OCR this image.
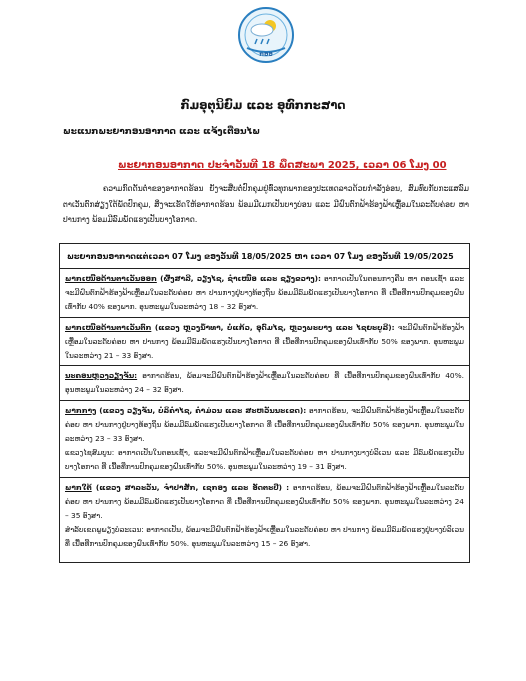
ກອອ
ກົມອຸຕຸນິຍົມ ແລະ ອຸທົກກະສາດ
ພະແນກພະຍາກອນອາກາດ ແລະ ແຈ້ງເຕືອນໄພ
ພະຍາກອນອາກາດ ປະຈໍາວັນທີ 18 ພຶດສະພາ 2025, ເວລາ 06 ໂມງ 00
ຄວາມກົດດັນຕໍ່າຂອງອາກາດຮ້ອນ ຍັງຈະສືບຕໍ່ປົກຄຸມຢູ່ທົ່ວທຸກພາກຂອງປະເທດລາວດ້ວຍກໍາລັງອ່ອນ, ສົມທົບກັບກະແສລົມຕາເວັນຕົກສ່ຽງໃຕ້ພັດປົກຄຸມ, ສິ່ງຈະເຮັດໃຫ້ອາກາດຮ້ອນ ພ້ອມມີເມກເປັນບາງບ່ອນ ແລະ ມີຝົນຕົກຟ້າຮ້ອງຟ້າເຫຼື້ອມໃນລະດັບຄ່ອຍ ຫາ ປານກາງ ພ້ອມມີລົມພັດແຮງເປັນບາງໂອກາດ.
ພະຍາກອນອາກາດແຕ່ເວລາ 07 ໂມງ ຂອງວັນທີ 18/05/2025 ຫາ ເວລາ 07 ໂມງ ຂອງວັນທີ 19/05/2025
ພາກເໜືອດ້ານຕາເວັນອອກ (ຜົ້ງສາລີ, ວຽງໄຊ, ຊໍາເໜືອ ແລະ ຊຽງຂວາງ): ອາກາດເປັນໃນຕອນກາງຄືນ ຫາ ຕອນເຊົ້າ ແລະ ຈະມີຝົນຕົກຟ້າຮ້ອງຟ້າເຫຼື້ອມໃນລະດັບຄ່ອຍ ຫາ ປານກາງຢູ່ບາງທ້ອງຖິ່ນ ພ້ອມມີລົມພັດແຮງເປັນບາງໂອກາດ ທີ່ ເນື້ອທີ່ການປົກຄຸມຂອງຝົນເທົ່າກັບ 40% ຂອງພາກ. ອຸນຫະພູມໃນລະຫວ່າງ 18 – 32 ອົງສາ.
ພາກເໜືອດ້ານຕາເວັນຕົກ (ແຂວງ ຫຼວງນໍ້າທາ, ບໍ່ແກ້ວ, ອຸດົມໄຊ, ຫຼວງພະບາງ ແລະ ໄຊຍະບູລີ): ຈະມີຝົນຕົກຟ້າຮ້ອງຟ້າເຫຼື້ອມໃນລະດັບຄ່ອຍ ຫາ ປານກາງ ພ້ອມມີລົມພັດແຮງເປັນບາງໂອກາດ ທີ່ ເນື້ອທີ່ການປົກຄຸມຂອງຝົນເທົ່າກັບ 50% ຂອງພາກ. ອຸນຫະພູມໃນລະຫວ່າງ 21 – 33 ອົງສາ.
ນະຄອນຫຼວງວຽງຈັນ: ອາກາດຮ້ອນ, ພ້ອມຈະມີຝົນຕົກຟ້າຮ້ອງຟ້າເຫຼື້ອມໃນລະດັບຄ່ອຍ ທີ່ ເນື້ອທີ່ການປົກຄຸມຂອງຝົນເທົ່າກັບ 40%. ອຸນຫະພູມໃນລະຫວ່າງ 24 – 32 ອົງສາ.
ພາກກາງ (ແຂວງ ວຽງຈັນ, ບໍລິຄໍາໄຊ, ຄໍາມ່ວນ ແລະ ສະຫວັນນະເຂດ): ອາກາດຮ້ອນ, ຈະມີຝົນຕົກຟ້າຮ້ອງຟ້າເຫຼື້ອມໃນລະດັບຄ່ອຍ ຫາ ປານກາງຢູ່ບາງທ້ອງຖິ່ນ ພ້ອມມີລົມພັດແຮງເປັນບາງໂອກາດ ທີ່ ເນື້ອທີ່ການປົກຄຸມຂອງຝົນເທົ່າກັບ 50% ຂອງພາກ. ອຸນຫະພູມໃນລະຫວ່າງ 23 – 33 ອົງສາ.
ແຂວງໄຊສົມບູນ: ອາກາດເປັນໃນຕອນເຊົ້າ, ແລະຈະມີຝົນຕົກຟ້າເຫຼື້ອມໃນລະດັບຄ່ອຍ ຫາ ປານກາງບາງບໍລິເວນ ແລະ ມີລົມພັດແຮງເປັນບາງໂອກາດ ທີ່ ເນື້ອທີ່ການປົກຄຸມຂອງຝົນເທົ່າກັບ 50%. ອຸນຫະພູມໃນລະຫວ່າງ 19 – 31 ອົງສາ.
ພາກໃຕ້ (ແຂວງ ສາລະວັນ, ຈໍາປາສັກ, ເຊກອງ ແລະ ອັດຕະປື) : ອາກາດຮ້ອນ, ພ້ອມຈະມີຝົນຕົກຟ້າຮ້ອງຟ້າເຫຼື້ອມໃນລະດັບຄ່ອຍ ຫາ ປານກາງ ພ້ອມມີລົມພັດແຮງເປັນບາງໂອກາດ ທີ່ ເນື້ອທີ່ການປົກຄຸມຂອງຝົນເທົ່າກັບ 50% ຂອງພາກ. ອຸນຫະພູມໃນລະຫວ່າງ 24 – 35 ອົງສາ.
ສໍາລັບເຂດພູພຽງບໍລະເວນ: ອາກາດເປັນ, ພ້ອມຈະມີຝົນຕົກຟ້າຮ້ອງຟ້າເຫຼື້ອມໃນລະດັບຄ່ອຍ ຫາ ປານກາງ ພ້ອມມີລົມພັດແຮງຢູ່ບາງບໍລິເວນ ທີ່ ເນື້ອທີ່ການປົກຄຸມຂອງຝົນເທົ່າກັບ 50%. ອຸນຫະພູມໃນລະຫວ່າງ 15 – 26 ອົງສາ.
